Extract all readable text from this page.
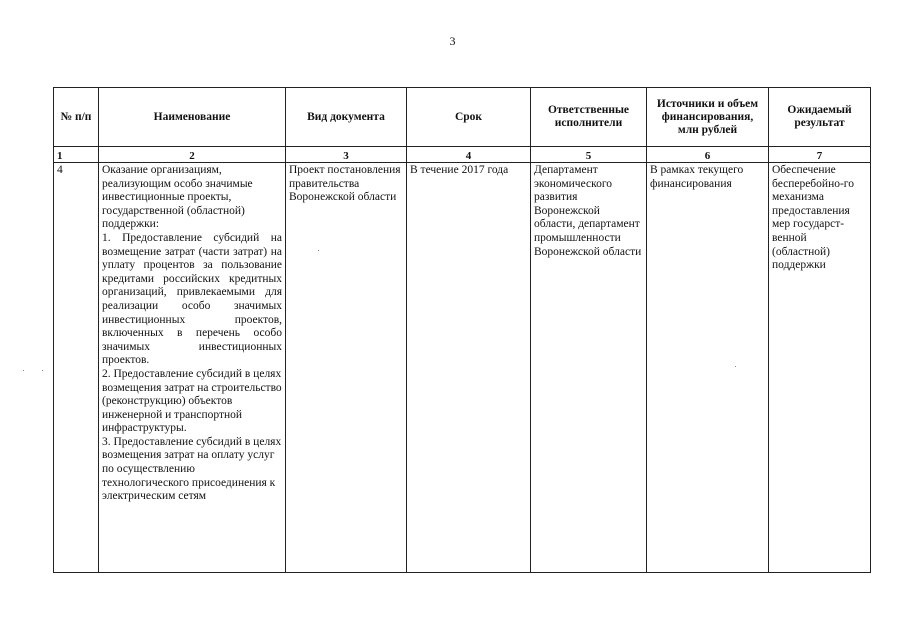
3
№ п/п	Наименование	Вид документа	Срок	Ответственные исполнители	Источники и объем финансирования, млн рублей	Ожидаемый результат
1	2	3	4	5	6	7
4	Оказание организациям, реализующим особо значимые инвестиционные проекты, государственной (областной) поддержки:

1. Предоставление субсидий на возмещение затрат (части затрат) на уплату процентов за пользование кредитами российских кредитных организаций, привлекаемыми для реализации особо значимых инвестиционных проектов, включенных в перечень особо значимых инвестиционных проектов.

2. Предоставление субсидий в целях возмещения затрат на строительство (реконструкцию) объектов инженерной и транспортной инфраструктуры.

3. Предоставление субсидий в целях возмещения затрат на оплату услуг по осуществлению технологического присоединения к электрическим сетям	Проект постановления правительства Воронежской области	В течение 2017 года	Департамент экономического развития Воронежской области, департамент промышленности Воронежской области	В рамках текущего финансирования	Обеспечение бесперебойно-го механизма предоставления мер государст-венной (областной) поддержки
